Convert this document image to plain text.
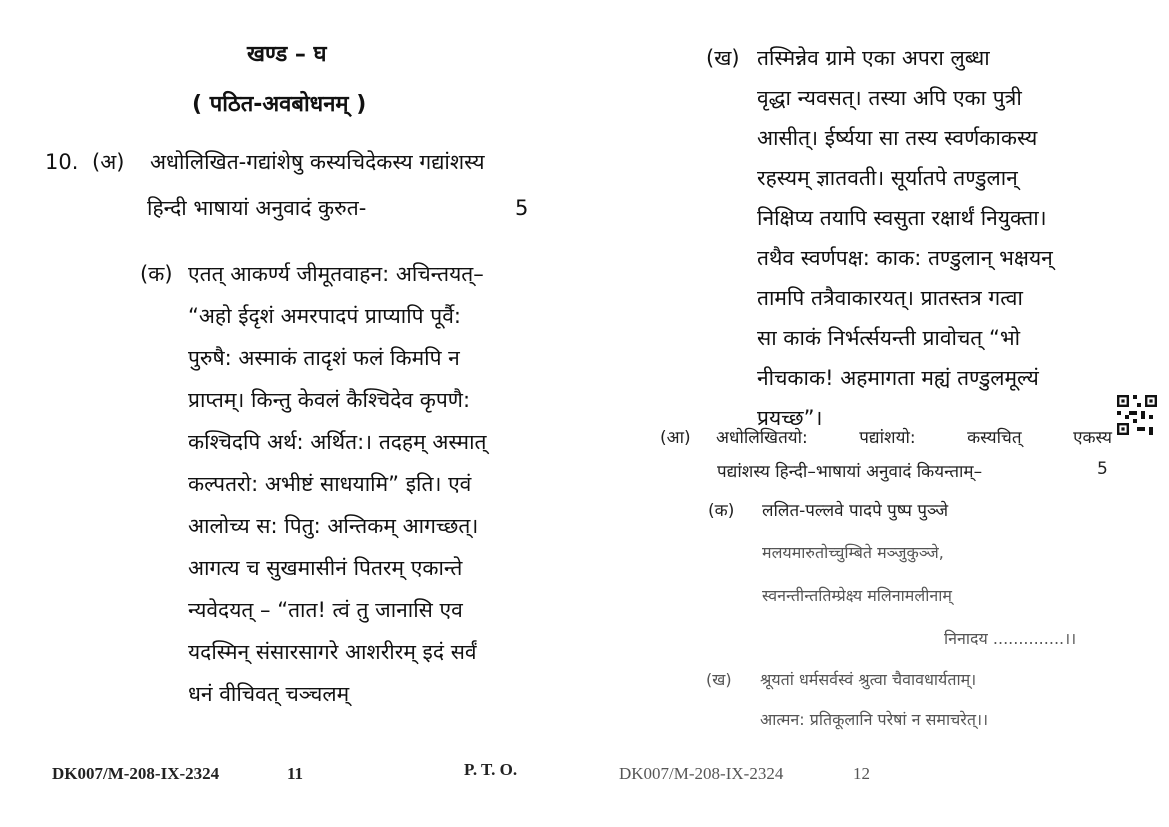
खण्ड – घ
( पठित-अवबोधनम् )
10. (अ) अधोलिखित-गद्यांशेषु कस्यचिदेकस्य गद्यांशस्य
हिन्दी भाषायां अनुवादं कुरुत-	5
(क) एतत् आकर्ण्य जीमूतवाहन: अचिन्तयत्–
“अहो ईदृशं अमरपादपं प्राप्यापि पूर्वै:
पुरुषै: अस्माकं तादृशं फलं किमपि न
प्राप्तम्। किन्तु केवलं कैश्चिदेव कृपणै:
कश्चिदपि अर्थ: अर्थित:। तदहम् अस्मात्
कल्पतरो: अभीष्टं साधयामि” इति। एवं
आलोच्य स: पितु: अन्तिकम् आगच्छत्।
आगत्य च सुखमासीनं पितरम् एकान्ते
न्यवेदयत् – “तात! त्वं तु जानासि एव
यदस्मिन् संसारसागरे आशरीरम् इदं सर्वं
धनं वीचिवत् चञ्चलम्
DK007/M-208-IX-2324	11	P. T. O.
(ख) तस्मिन्नेव ग्रामे एका अपरा लुब्धा
वृद्धा न्यवसत्। तस्या अपि एका पुत्री
आसीत्। ईर्ष्यया सा तस्य स्वर्णकाकस्य
रहस्यम् ज्ञातवती। सूर्यातपे तण्डुलान्
निक्षिप्य तयापि स्वसुता रक्षार्थं नियुक्ता।
तथैव स्वर्णपक्ष: काक: तण्डुलान् भक्षयन्
तामपि तत्रैवाकारयत्। प्रातस्तत्र गत्वा
सा काकं निर्भर्त्सयन्ती प्रावोचत् “भो
नीचकाक! अहमागता मह्यं तण्डुलमूल्यं
प्रयच्छ”।
(आ) अधोलिखितयो:	पद्यांशयो:	कस्यचित्	एकस्य
पद्यांशस्य हिन्दी–भाषायां अनुवादं कियन्ताम्–	5
(क) ललित-पल्लवे पादपे पुष्प पुञ्जे
मलयमारुतोच्चुम्बिते मञ्जुकुञ्जे,
स्वनन्तीन्ततिम्प्रेक्ष्य मलिनामलीनाम्
निनादय ..............।।
(ख) श्रूयतां धर्मसर्वस्वं श्रुत्वा चैवावधार्यताम्।
आत्मन: प्रतिकूलानि परेषां न समाचरेत्।।
DK007/M-208-IX-2324	12
